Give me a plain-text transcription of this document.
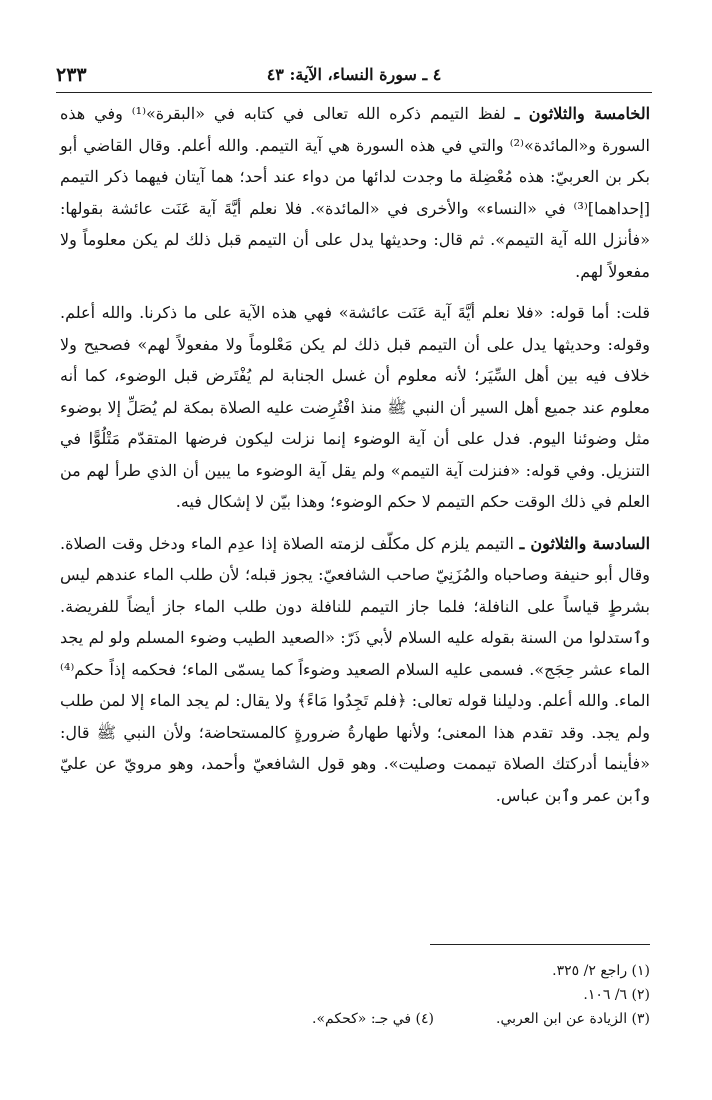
٢٣٣	٤ ـ سورة النساء، الآية: ٤٣

الخامسة والثلاثون ـ لفظ التيمم ذكره الله تعالى في كتابه في «البقرة»⁽¹⁾ وفي هذه السورة و«المائدة»⁽²⁾ والتي في هذه السورة هي آية التيمم. والله أعلم. وقال القاضي أبو بكر بن العربيّ: هذه مُعْضِلة ما وجدت لدائها من دواء عند أحد؛ هما آيتان فيهما ذكر التيمم [إحداهما]⁽³⁾ في «النساء» والأخرى في «المائدة». فلا نعلم أيَّةَ آية عَنَت عائشة بقولها: «فأنزل الله آية التيمم». ثم قال: وحديثها يدل على أن التيمم قبل ذلك لم يكن معلوماً ولا مفعولاً لهم.

قلت: أما قوله: «فلا نعلم أيَّةَ آية عَنَت عائشة» فهي هذه الآية على ما ذكرنا. والله أعلم. وقوله: وحديثها يدل على أن التيمم قبل ذلك لم يكن مَعْلوماً ولا مفعولاً لهم» فصحيح ولا خلاف فيه بين أهل السِّيَر؛ لأنه معلوم أن غسل الجنابة لم يُفْتَرض قبل الوضوء، كما أنه معلوم عند جميع أهل السير أن النبي ﷺ منذ افْتُرِضت عليه الصلاة بمكة لم يُصَلِّ إلا بوضوء مثل وضوئنا اليوم. فدل على أن آية الوضوء إنما نزلت ليكون فرضها المتقدّم مَتْلُوًّا في التنزيل. وفي قوله: «فنزلت آية التيمم» ولم يقل آية الوضوء ما يبين أن الذي طرأ لهم من العلم في ذلك الوقت حكم التيمم لا حكم الوضوء؛ وهذا بيّن لا إشكال فيه.

السادسة والثلاثون ـ التيمم يلزم كل مكلّف لزمته الصلاة إذا عدِم الماء ودخل وقت الصلاة. وقال أبو حنيفة وصاحباه والمُزَنِيّ صاحب الشافعيّ: يجوز قبله؛ لأن طلب الماء عندهم ليس بشرطٍ قياساً على النافلة؛ فلما جاز التيمم للنافلة دون طلب الماء جاز أيضاً للفريضة. وٱستدلوا من السنة بقوله عليه السلام لأبي ذَرّ: «الصعيد الطيب وضوء المسلم ولو لم يجد الماء عشر حِجَج». فسمى عليه السلام الصعيد وضوءاً كما يسمّى الماء؛ فحكمه إذاً حكم⁽⁴⁾ الماء. والله أعلم. ودليلنا قوله تعالى: ﴿فلم تَجِدُوا مَاءً﴾ ولا يقال: لم يجد الماء إلا لمن طلب ولم يجد. وقد تقدم هذا المعنى؛ ولأنها طهارةُ ضرورةٍ كالمستحاضة؛ ولأن النبي ﷺ قال: «فأينما أدركتك الصلاة تيممت وصليت». وهو قول الشافعيّ وأحمد، وهو مرويّ عن عليّ وٱبن عمر وٱبن عباس.

(١) راجع ٢/ ٣٢٥.
(٢) ٦/ ١٠٦.
(٣) الزيادة عن ابن العربي.
(٤) في جـ: «كحكم».
